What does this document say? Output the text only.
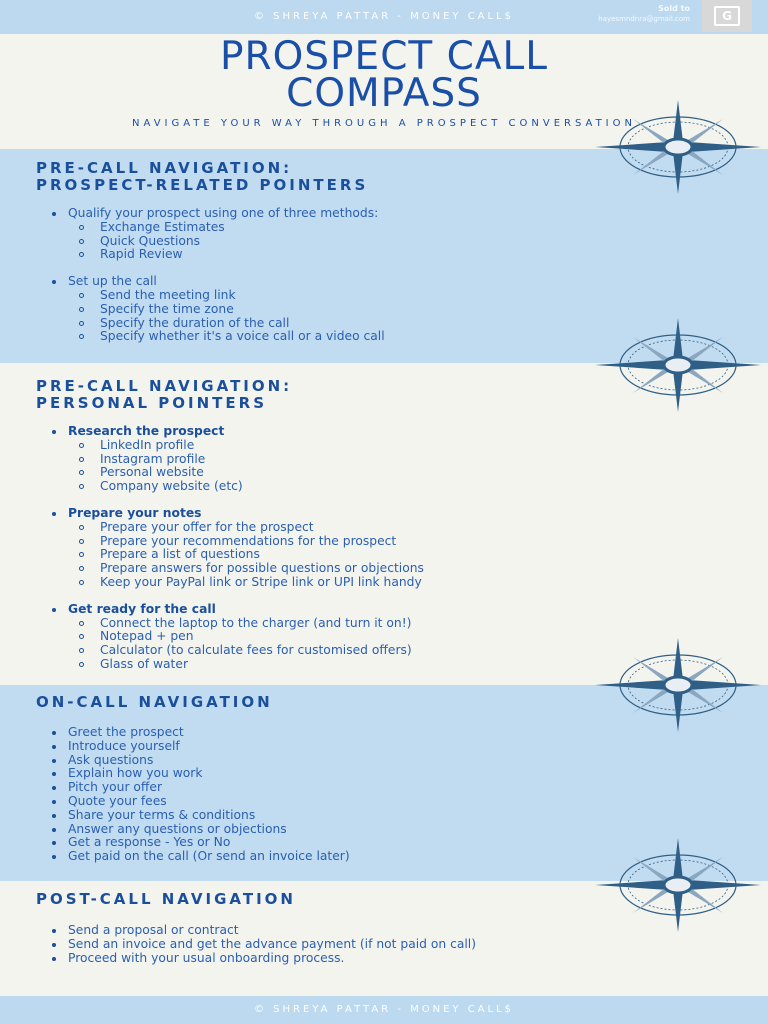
© SHREYA PATTAR - MONEY CALL$
Sold to
hayesmndnra@gmail.com	G
PROSPECT CALL
COMPASS
NAVIGATE YOUR WAY THROUGH A PROSPECT CONVERSATION
PRE-CALL NAVIGATION:
PROSPECT-RELATED POINTERS
Qualify your prospect using one of three methods:
Exchange Estimates
Quick Questions
Rapid Review
Set up the call
Send the meeting link
Specify the time zone
Specify the duration of the call
Specify whether it's a voice call or a video call
PRE-CALL NAVIGATION:
PERSONAL POINTERS
Research the prospect
LinkedIn profile
Instagram profile
Personal website
Company website (etc)
Prepare your notes
Prepare your offer for the prospect
Prepare your recommendations for the prospect
Prepare a list of questions
Prepare answers for possible questions or objections
Keep your PayPal link or Stripe link or UPI link handy
Get ready for the call
Connect the laptop to the charger (and turn it on!)
Notepad + pen
Calculator (to calculate fees for customised offers)
Glass of water
ON-CALL NAVIGATION
Greet the prospect
Introduce yourself
Ask questions
Explain how you work
Pitch your offer
Quote your fees
Share your terms & conditions
Answer any questions or objections
Get a response - Yes or No
Get paid on the call (Or send an invoice later)
POST-CALL NAVIGATION
Send a proposal or contract
Send an invoice and get the advance payment (if not paid on call)
Proceed with your usual onboarding process.
© SHREYA PATTAR - MONEY CALL$
